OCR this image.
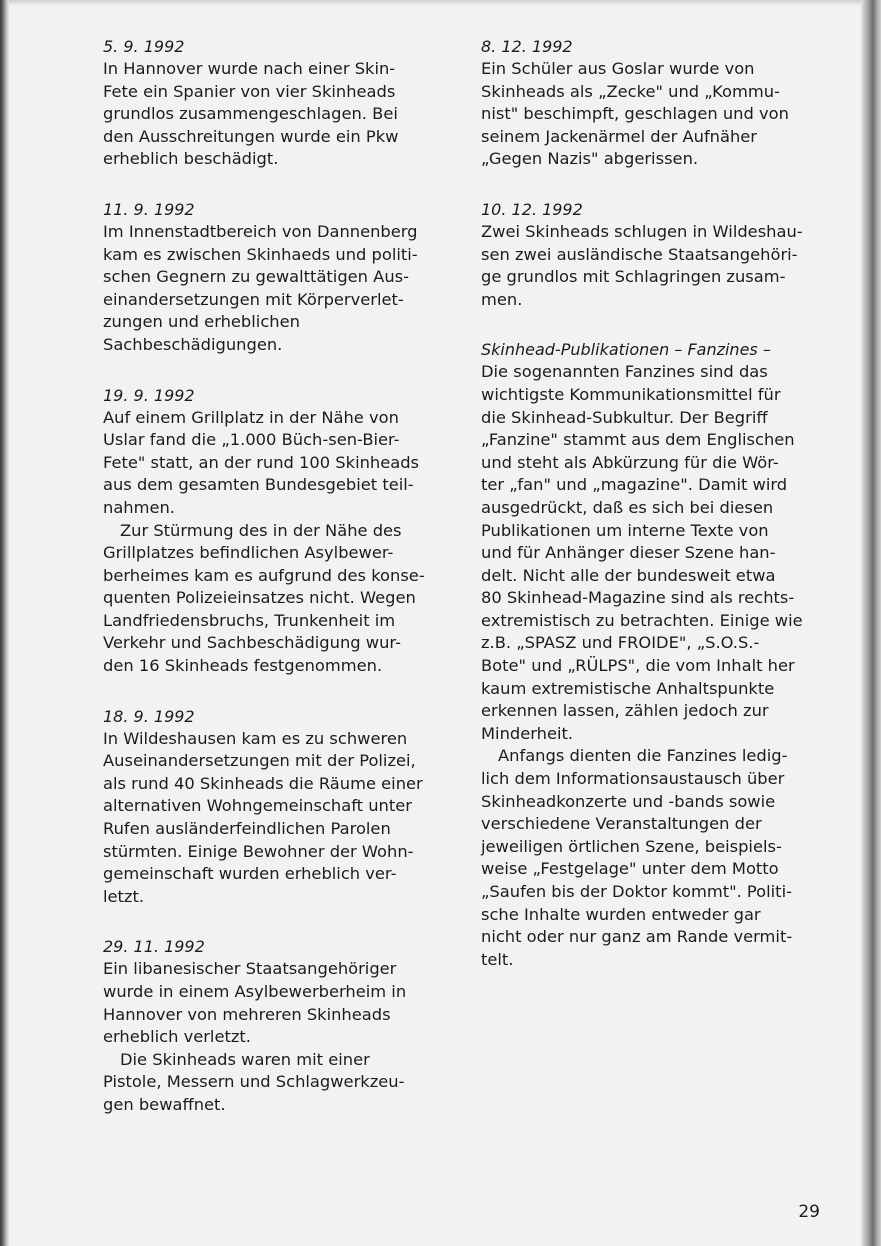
5. 9. 1992

In Hannover wurde nach einer Skin-
Fete ein Spanier von vier Skinheads
grundlos zusammengeschlagen. Bei
den Ausschreitungen wurde ein Pkw
erheblich beschädigt.

11. 9. 1992

Im Innenstadtbereich von Dannenberg
kam es zwischen Skinhaeds und politi-
schen Gegnern zu gewalttätigen Aus-
einandersetzungen mit Körperverlet-
zungen und erheblichen
Sachbeschädigungen.

19. 9. 1992

Auf einem Grillplatz in der Nähe von
Uslar fand die „1.000 Büch-sen-Bier-
Fete" statt, an der rund 100 Skinheads
aus dem gesamten Bundesgebiet teil-
nahmen.

Zur Stürmung des in der Nähe des
Grillplatzes befindlichen Asylbewer-
berheimes kam es aufgrund des konse-
quenten Polizeieinsatzes nicht. Wegen
Landfriedensbruchs, Trunkenheit im
Verkehr und Sachbeschädigung wur-
den 16 Skinheads festgenommen.

18. 9. 1992

In Wildeshausen kam es zu schweren
Auseinandersetzungen mit der Polizei,
als rund 40 Skinheads die Räume einer
alternativen Wohngemeinschaft unter
Rufen ausländerfeindlichen Parolen
stürmten. Einige Bewohner der Wohn-
gemeinschaft wurden erheblich ver-
letzt.

29. 11. 1992

Ein libanesischer Staatsangehöriger
wurde in einem Asylbewerberheim in
Hannover von mehreren Skinheads
erheblich verletzt.

Die Skinheads waren mit einer
Pistole, Messern und Schlagwerkzeu-
gen bewaffnet.

8. 12. 1992

Ein Schüler aus Goslar wurde von
Skinheads als „Zecke" und „Kommu-
nist" beschimpft, geschlagen und von
seinem Jackenärmel der Aufnäher
„Gegen Nazis" abgerissen.

10. 12. 1992

Zwei Skinheads schlugen in Wildeshau-
sen zwei ausländische Staatsangehöri-
ge grundlos mit Schlagringen zusam-
men.

Skinhead-Publikationen – Fanzines –

Die sogenannten Fanzines sind das
wichtigste Kommunikationsmittel für
die Skinhead-Subkultur. Der Begriff
„Fanzine" stammt aus dem Englischen
und steht als Abkürzung für die Wör-
ter „fan" und „magazine". Damit wird
ausgedrückt, daß es sich bei diesen
Publikationen um interne Texte von
und für Anhänger dieser Szene han-
delt. Nicht alle der bundesweit etwa
80 Skinhead-Magazine sind als rechts-
extremistisch zu betrachten. Einige wie
z.B. „SPASZ und FROIDE", „S.O.S.-
Bote" und „RÜLPS", die vom Inhalt her
kaum extremistische Anhaltspunkte
erkennen lassen, zählen jedoch zur
Minderheit.

Anfangs dienten die Fanzines ledig-
lich dem Informationsaustausch über
Skinheadkonzerte und -bands sowie
verschiedene Veranstaltungen der
jeweiligen örtlichen Szene, beispiels-
weise „Festgelage" unter dem Motto
„Saufen bis der Doktor kommt". Politi-
sche Inhalte wurden entweder gar
nicht oder nur ganz am Rande vermit-
telt.

29
